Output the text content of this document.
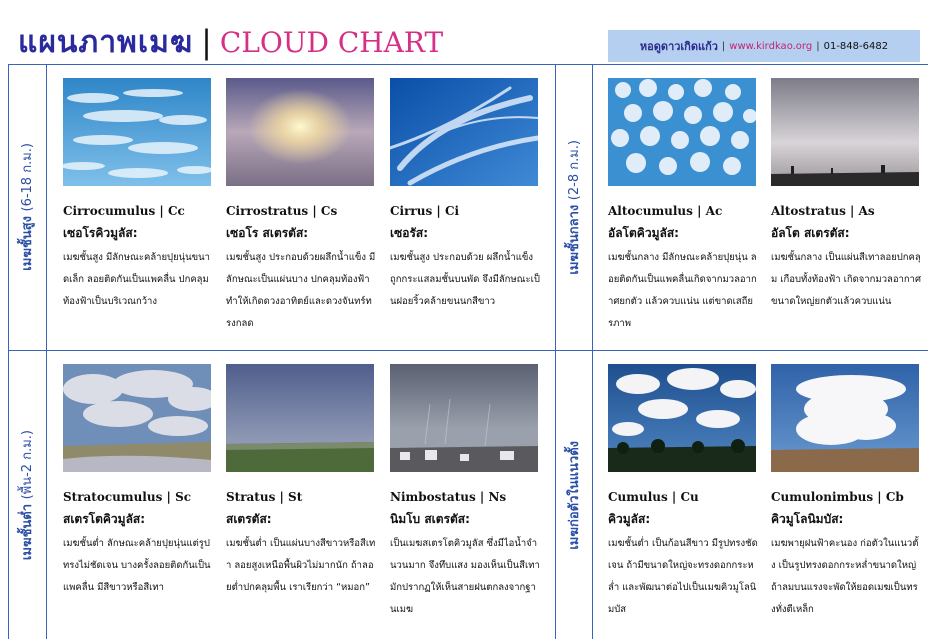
แผนภาพเมฆ | CLOUD CHART	หอดูดาวเกิดแก้ว | www.kirdkao.org | 01-848-6482
เมฆชั้นสูง (6-18 ก.ม.)
เมฆชั้นกลาง (2-8 ก.ม.)
เมฆชั้นต่ำ (พื้น-2 ก.ม.)	เมฆก่อตัวในแนวตั้ง
Cirrocumulus | Cc
เซอโรคิวมูลัส:
เมฆชั้นสูง มีลักษณะคล้ายปุยนุ่นขนาดเล็ก ลอยติดกันเป็นแพคลื่น ปกคลุมท้องฟ้าเป็นบริเวณกว้าง
Cirrostratus | Cs
เซอโร สเตรตัส:
เมฆชั้นสูง ประกอบด้วยผลึกน้ำแข็ง มีลักษณะเป็นแผ่นบาง ปกคลุมท้องฟ้า ทำให้เกิดดวงอาทิตย์และดวงจันทร์ทรงกลด
Cirrus | Ci
เซอรัส:
เมฆชั้นสูง ประกอบด้วย ผลึกน้ำแข็ง ถูกกระแสลมชั้นบนพัด จึงมีลักษณะเป็นฝอยริ้วคล้ายขนนกสีขาว
Altocumulus | Ac
อัลโตคิวมูลัส:
เมฆชั้นกลาง มีลักษณะคล้ายปุยนุ่น ลอยติดกันเป็นแพคลื่นเกิดจากมวลอากาศยกตัว แล้วควบแน่น แต่ขาดเสถียรภาพ
Altostratus | As
อัลโต สเตรตัส:
เมฆชั้นกลาง เป็นแผ่นสีเทาลอยปกคลุม เกือบทั้งท้องฟ้า เกิดจากมวลอากาศขนาดใหญ่ยกตัวแล้วควบแน่น
Stratocumulus | Sc
สเตรโตคิวมูลัส:
เมฆชั้นต่ำ ลักษณะคล้ายปุยนุ่นแต่รูปทรงไม่ชัดเจน บางครั้งลอยติดกันเป็นแพคลื่น มีสีขาวหรือสีเทา
Stratus | St
สเตรตัส:
เมฆชั้นต่ำ เป็นแผ่นบางสีขาวหรือสีเทา ลอยสูงเหนือพื้นผิวไม่มากนัก ถ้าลอยต่ำปกคลุมพื้น เราเรียกว่า “หมอก”
Nimbostatus | Ns
นิมโบ สเตรตัส:
เป็นเมฆสเตรโตคิวมูลัส ซึ่งมีไอน้ำจำนวนมาก จึงทึบแสง มองเห็นเป็นสีเทามักปรากฏให้เห็นสายฝนตกลงจากฐานเมฆ
Cumulus | Cu
คิวมูลัส:
เมฆชั้นต่ำ เป็นก้อนสีขาว มีรูปทรงชัดเจน ถ้ามีขนาดใหญ่จะทรงดอกกระหล่ำ และพัฒนาต่อไปเป็นเมฆคิวมูโลนิมบัส
Cumulonimbus | Cb
คิวมูโลนิมบัส:
เมฆพายุฝนฟ้าคะนอง ก่อตัวในแนวตั้ง เป็นรูปทรงดอกกระหล่ำขนาดใหญ่ ถ้าลมบนแรงจะพัดให้ยอดเมฆเป็นทรงทั่งตีเหล็ก
